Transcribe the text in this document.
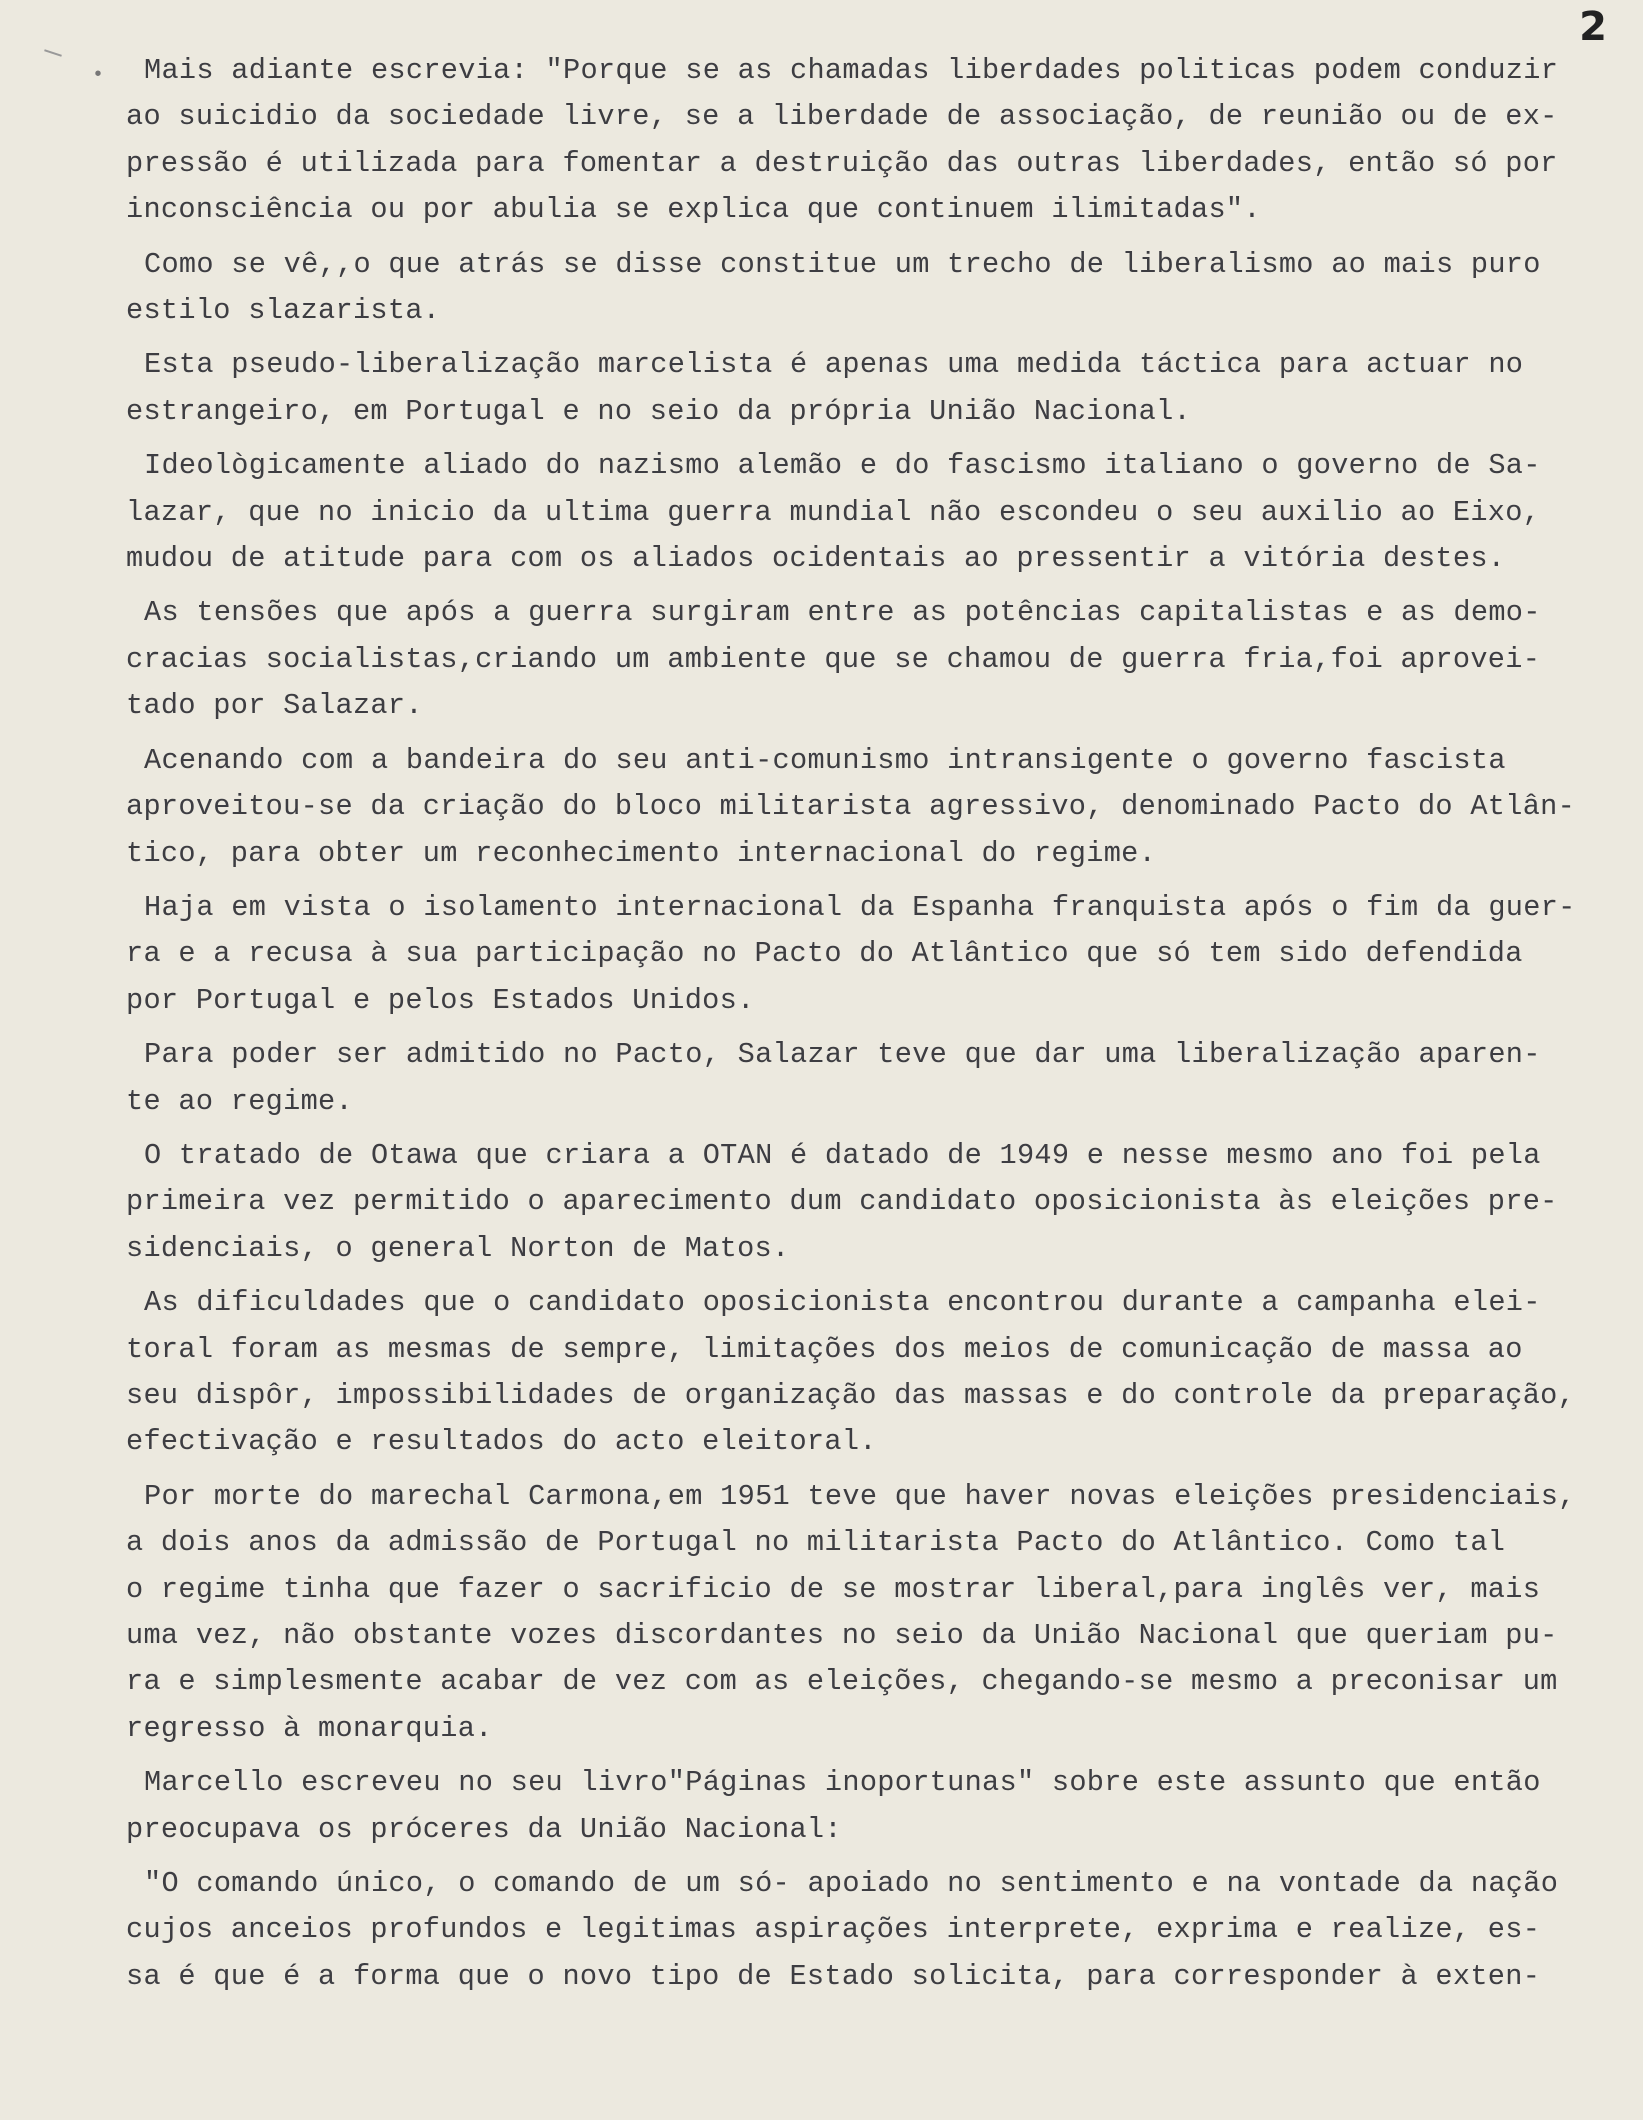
2
•	Mais adiante escrevia: "Porque se as chamadas liberdades politicas podem conduzir
ao suicidio da sociedade livre, se a liberdade de associação, de reunião ou de ex-
pressão é utilizada para fomentar a destruição das outras liberdades, então só por
inconsciência ou por abulia se explica que continuem ilimitadas".
Como se vê,,o que atrás se disse constitue um trecho de liberalismo ao mais puro
estilo slazarista.
Esta pseudo-liberalização marcelista é apenas uma medida táctica para actuar no
estrangeiro, em Portugal e no seio da própria União Nacional.
Ideològicamente aliado do nazismo alemão e do fascismo italiano o governo de Sa-
lazar, que no inicio da ultima guerra mundial não escondeu o seu auxilio ao Eixo,
mudou de atitude para com os aliados ocidentais ao pressentir a vitória destes.
As tensões que após a guerra surgiram entre as potências capitalistas e as demo-
cracias socialistas,criando um ambiente que se chamou de guerra fria,foi aprovei-
tado por Salazar.
Acenando com a bandeira do seu anti-comunismo intransigente o governo fascista
aproveitou-se da criação do bloco militarista agressivo, denominado Pacto do Atlân-
tico, para obter um reconhecimento internacional do regime.
Haja em vista o isolamento internacional da Espanha franquista após o fim da guer-
ra e a recusa à sua participação no Pacto do Atlântico que só tem sido defendida
por Portugal e pelos Estados Unidos.
Para poder ser admitido no Pacto, Salazar teve que dar uma liberalização aparen-
te ao regime.
O tratado de Otawa que criara a OTAN é datado de 1949 e nesse mesmo ano foi pela
primeira vez permitido o aparecimento dum candidato oposicionista às eleições pre-
sidenciais, o general Norton de Matos.
As dificuldades que o candidato oposicionista encontrou durante a campanha elei-
toral foram as mesmas de sempre, limitações dos meios de comunicação de massa ao
seu dispôr, impossibilidades de organização das massas e do controle da preparação,
efectivação e resultados do acto eleitoral.
Por morte do marechal Carmona,em 1951 teve que haver novas eleições presidenciais,
a dois anos da admissão de Portugal no militarista Pacto do Atlântico. Como tal
o regime tinha que fazer o sacrificio de se mostrar liberal,para inglês ver, mais
uma vez, não obstante vozes discordantes no seio da União Nacional que queriam pu-
ra e simplesmente acabar de vez com as eleições, chegando-se mesmo a preconisar um
regresso à monarquia.
Marcello escreveu no seu livro"Páginas inoportunas" sobre este assunto que então
preocupava os próceres da União Nacional:
"O comando único, o comando de um só- apoiado no sentimento e na vontade da nação
cujos anceios profundos e legitimas aspirações interprete, exprima e realize, es-
sa é que é a forma que o novo tipo de Estado solicita, para corresponder à exten-
